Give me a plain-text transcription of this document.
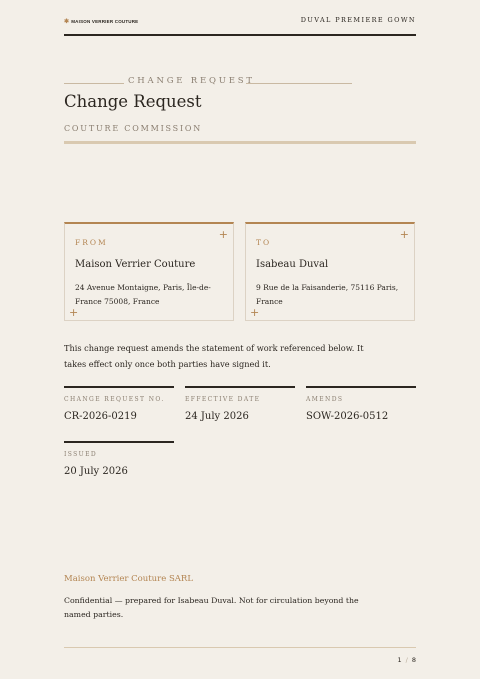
✱ MAISON VERRIER COUTURE	DUVAL PREMIERE GOWN
CHANGE REQUEST
Change Request
COUTURE COMMISSION
+
FROM
Maison Verrier Couture
24 Avenue Montaigne, Paris, Île-de-France 75008, France
+
+
TO
Isabeau Duval
9 Rue de la Faisanderie, 75116 Paris, France
+
This change request amends the statement of work referenced below. It takes effect only once both parties have signed it.
CHANGE REQUEST NO.
CR-2026-0219
EFFECTIVE DATE
24 July 2026
AMENDS
SOW-2026-0512
ISSUED
20 July 2026
Maison Verrier Couture SARL
Confidential — prepared for Isabeau Duval. Not for circulation beyond the named parties.
1 / 8
